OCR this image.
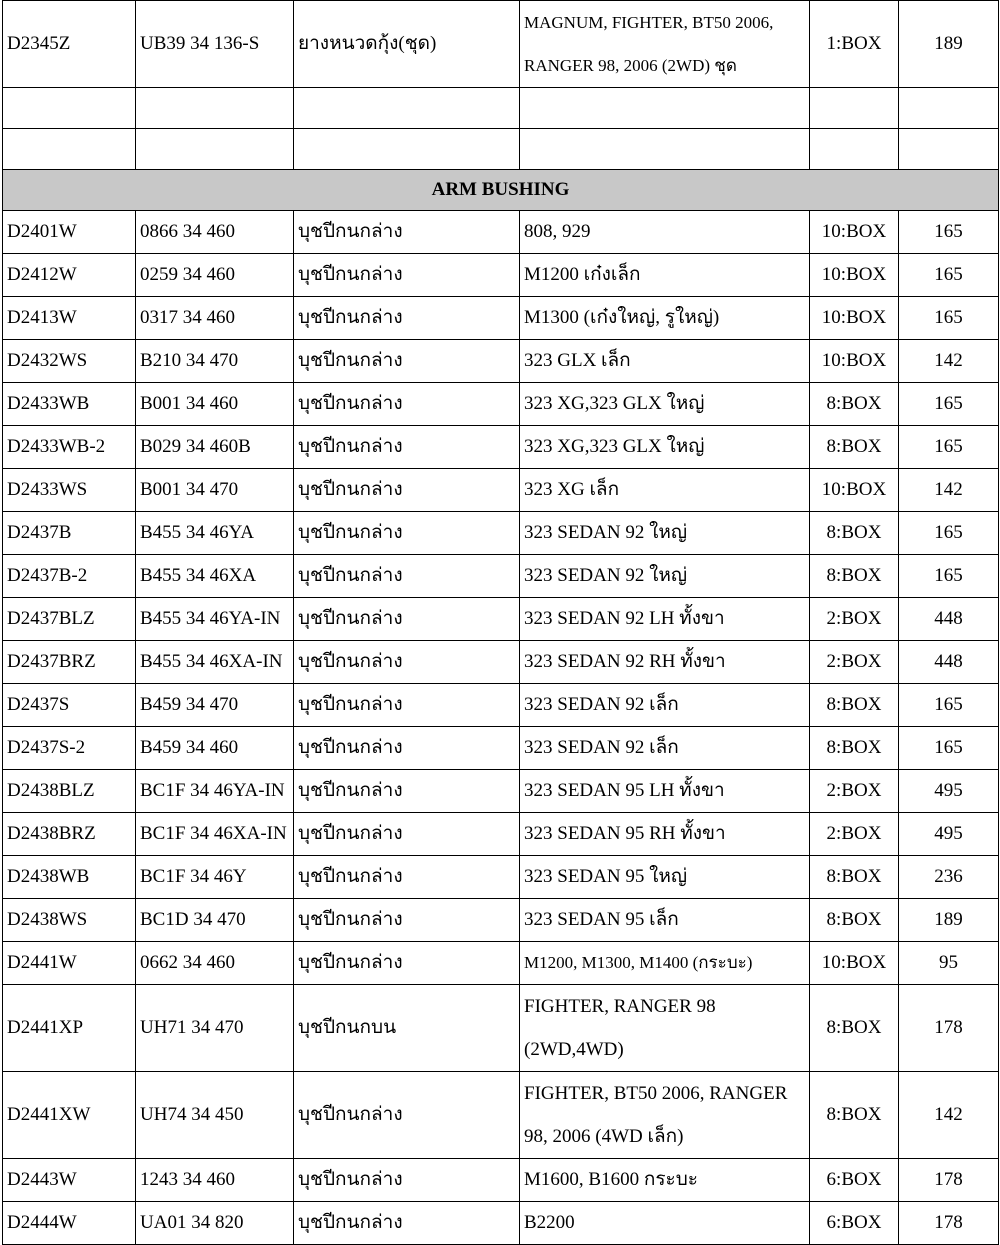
D2345Z	UB39 34 136-S	ยางหนวดกุ้ง(ชุด)	MAGNUM, FIGHTER, BT50 2006, RANGER 98, 2006 (2WD) ชุด	1:BOX	189

ARM BUSHING					
D2401W	0866 34 460	บุชปีกนกล่าง	808, 929	10:BOX	165
D2412W	0259 34 460	บุชปีกนกล่าง	M1200 เก๋งเล็ก	10:BOX	165
D2413W	0317 34 460	บุชปีกนกล่าง	M1300 (เก๋งใหญ่, รูใหญ่)	10:BOX	165
D2432WS	B210 34 470	บุชปีกนกล่าง	323 GLX เล็ก	10:BOX	142
D2433WB	B001 34 460	บุชปีกนกล่าง	323 XG,323 GLX ใหญ่	8:BOX	165
D2433WB-2	B029 34 460B	บุชปีกนกล่าง	323 XG,323 GLX ใหญ่	8:BOX	165
D2433WS	B001 34 470	บุชปีกนกล่าง	323 XG เล็ก	10:BOX	142
D2437B	B455 34 46YA	บุชปีกนกล่าง	323 SEDAN 92 ใหญ่	8:BOX	165
D2437B-2	B455 34 46XA	บุชปีกนกล่าง	323 SEDAN 92 ใหญ่	8:BOX	165
D2437BLZ	B455 34 46YA-IN	บุชปีกนกล่าง	323 SEDAN 92 LH ทั้งขา	2:BOX	448
D2437BRZ	B455 34 46XA-IN	บุชปีกนกล่าง	323 SEDAN 92 RH ทั้งขา	2:BOX	448
D2437S	B459 34 470	บุชปีกนกล่าง	323 SEDAN 92 เล็ก	8:BOX	165
D2437S-2	B459 34 460	บุชปีกนกล่าง	323 SEDAN 92 เล็ก	8:BOX	165
D2438BLZ	BC1F 34 46YA-IN	บุชปีกนกล่าง	323 SEDAN 95 LH ทั้งขา	2:BOX	495
D2438BRZ	BC1F 34 46XA-IN	บุชปีกนกล่าง	323 SEDAN 95 RH ทั้งขา	2:BOX	495
D2438WB	BC1F 34 46Y	บุชปีกนกล่าง	323 SEDAN 95 ใหญ่	8:BOX	236
D2438WS	BC1D 34 470	บุชปีกนกล่าง	323 SEDAN 95 เล็ก	8:BOX	189
D2441W	0662 34 460	บุชปีกนกล่าง	M1200, M1300, M1400 (กระบะ)	10:BOX	95
D2441XP	UH71 34 470	บุชปีกนกบน	FIGHTER, RANGER 98 (2WD,4WD)	8:BOX	178
D2441XW	UH74 34 450	บุชปีกนกล่าง	FIGHTER, BT50 2006, RANGER 98, 2006 (4WD เล็ก)	8:BOX	142
D2443W	1243 34 460	บุชปีกนกล่าง	M1600, B1600 กระบะ	6:BOX	178
D2444W	UA01 34 820	บุชปีกนกล่าง	B2200	6:BOX	178
